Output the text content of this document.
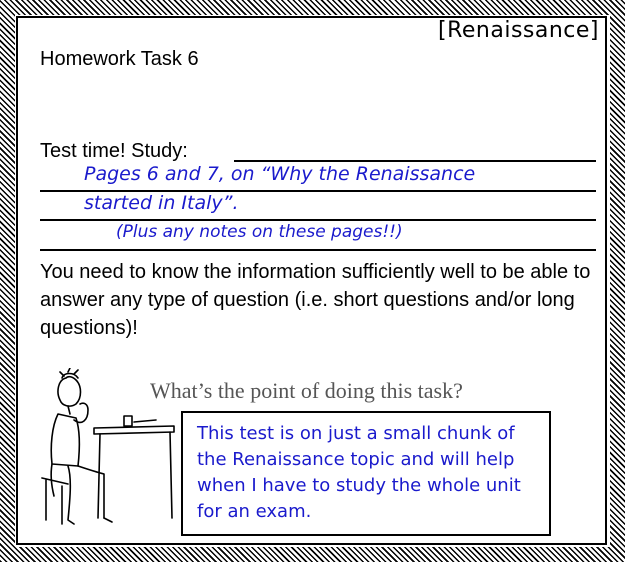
[Renaissance]
Homework Task 6
Test time! Study:
Pages 6 and 7, on “Why the Renaissance
started in Italy”.
(Plus any notes on these pages!!)
You need to know the information sufficiently well to be able to answer any type of question (i.e. short questions and/or long questions)!
What’s the point of doing this task?
This test is on just a small chunk of the Renaissance topic and will help when I have to study the whole unit for an exam.
